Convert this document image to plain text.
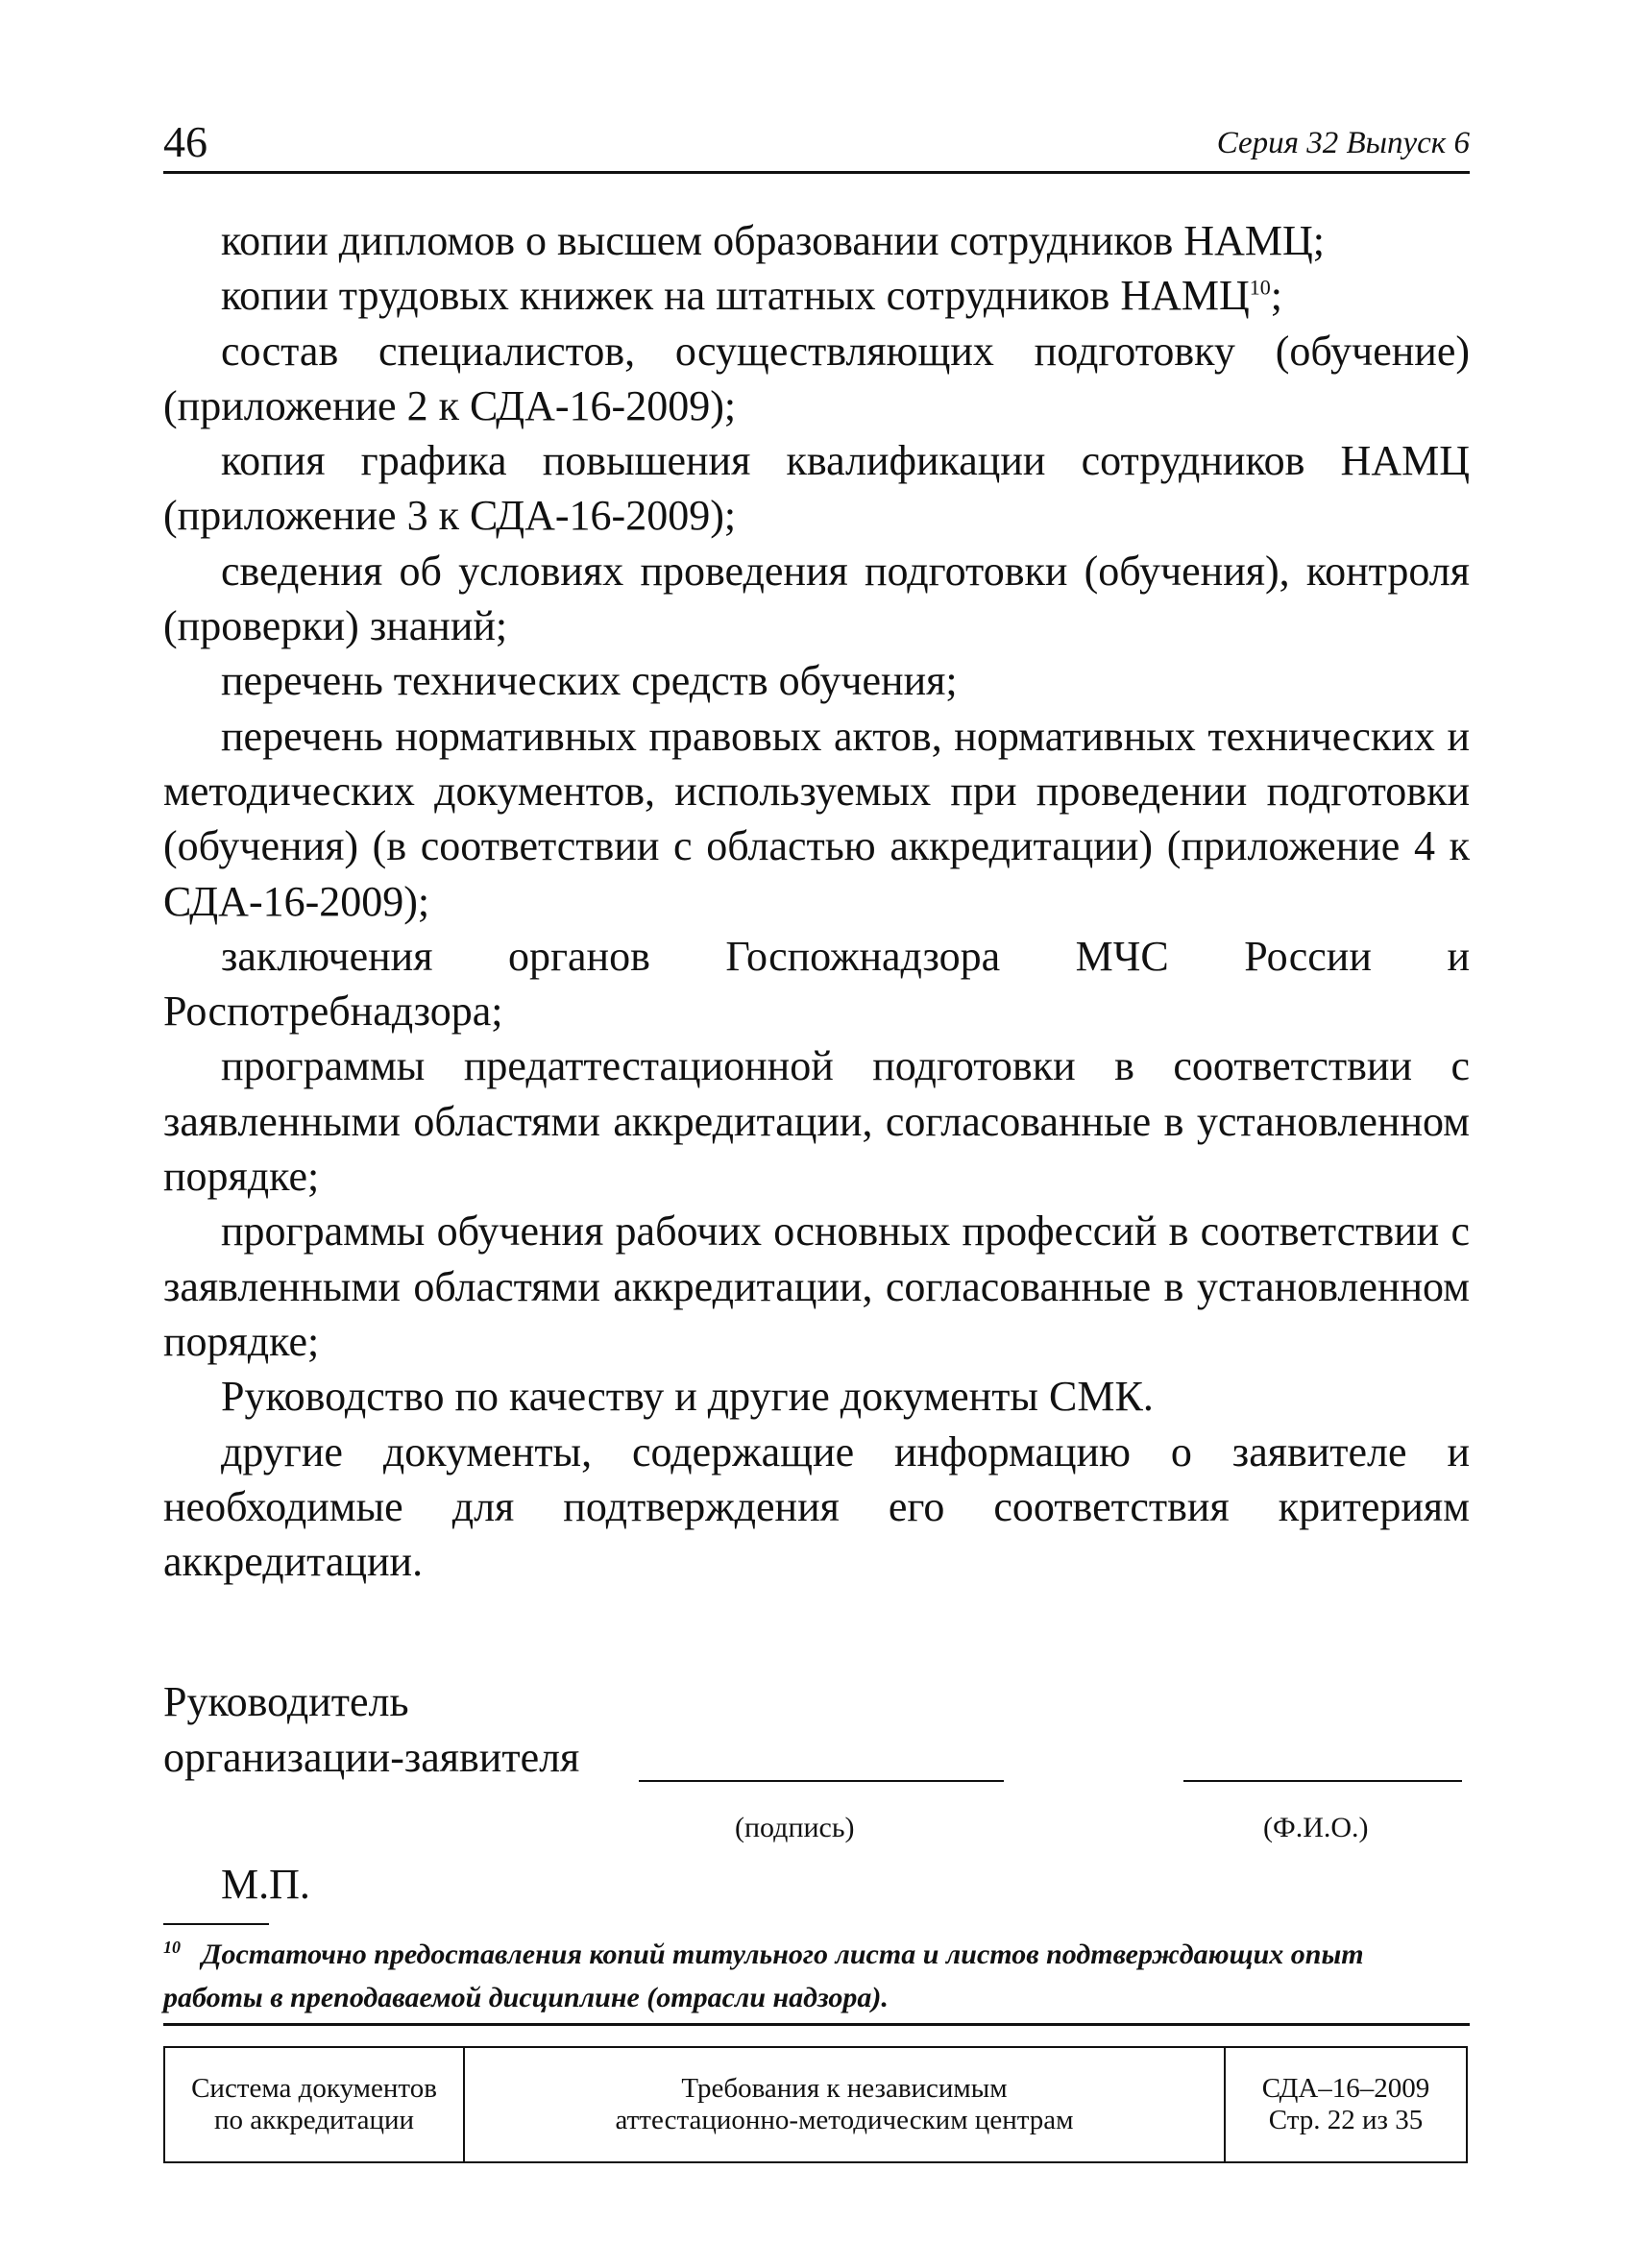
46	Серия 32 Выпуск 6
копии дипломов о высшем образовании сотрудников НАМЦ;
копии трудовых книжек на штатных сотрудников НАМЦ$^{10}$;
состав специалистов, осуществляющих подготовку (обучение) (приложение 2 к СДА-16-2009);
копия графика повышения квалификации сотрудников НАМЦ (приложение 3 к СДА-16-2009);
сведения об условиях проведения подготовки (обучения), контроля (проверки) знаний;
перечень технических средств обучения;
перечень нормативных правовых актов, нормативных технических и методических документов, используемых при проведении подготовки (обучения) (в соответствии с областью аккредитации) (приложение 4 к СДА-16-2009);
заключения органов Госпожнадзора МЧС России и Роспотребнадзора;
программы предаттестационной подготовки в соответствии с заявленными областями аккредитации, согласованные в установленном порядке;
программы обучения рабочих основных профессий в соответствии с заявленными областями аккредитации, согласованные в установленном порядке;
Руководство по качеству и другие документы СМК.
другие документы, содержащие информацию о заявителе и необходимые для подтверждения его соответствия критериям аккредитации.
Руководитель
организации-заявителя
(подпись)	(Ф.И.О.)
М.П.
$^{10}$ Достаточно предоставления копий титульного листа и листов подтверждающих опыт работы в преподаваемой дисциплине (отрасли надзора).
Система документов
по аккредитации
Требования к независимым
аттестационно-методическим центрам
СДА–16–2009
Стр. 22 из 35
